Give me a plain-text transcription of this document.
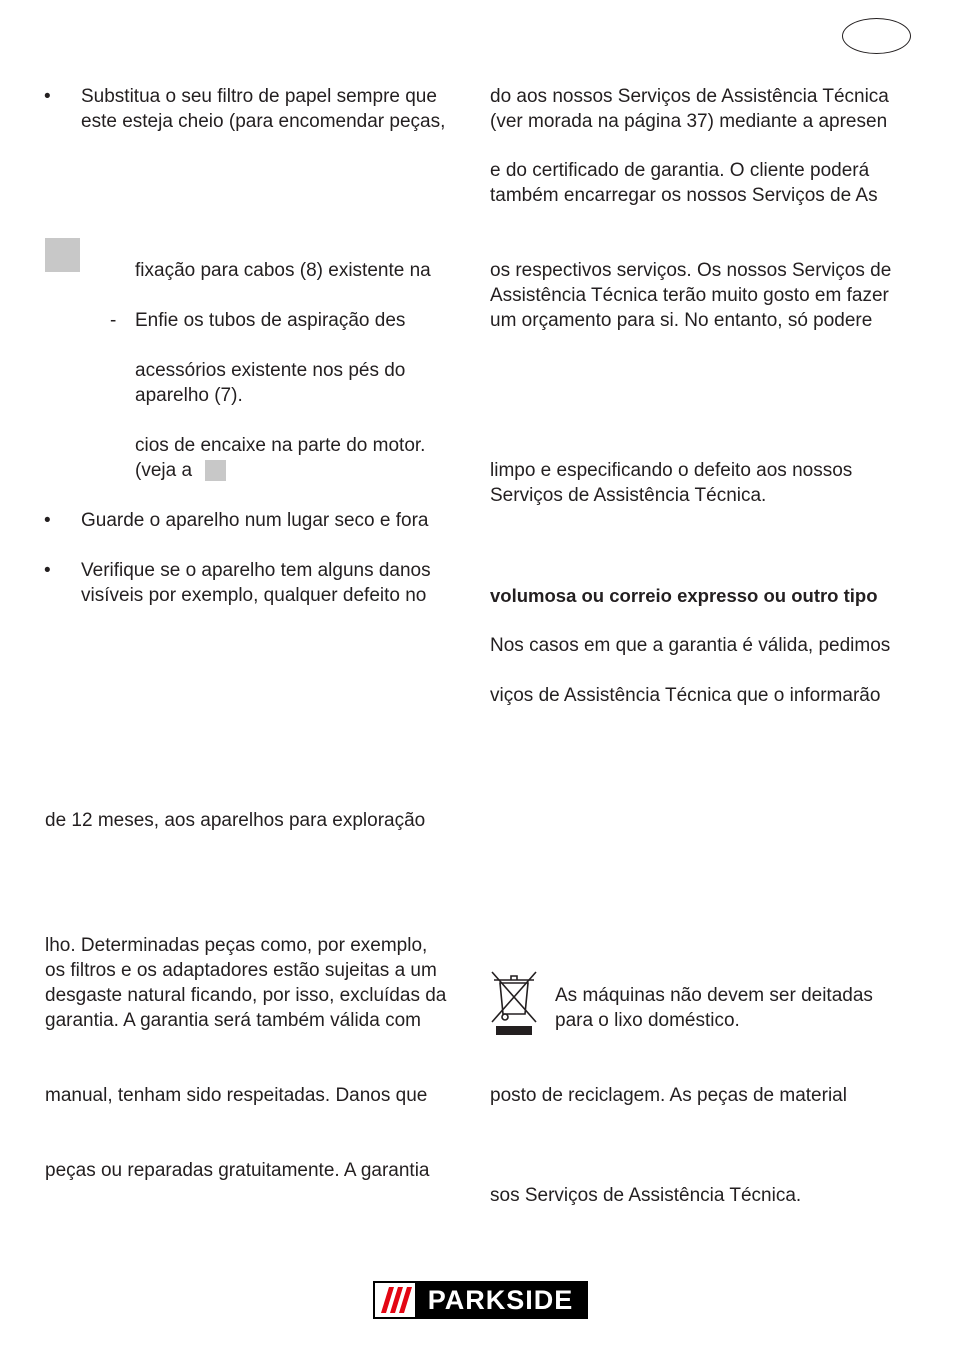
• Substitua o seu filtro de papel sempre que
este esteja cheio (para encomendar peças,
fixação para cabos (8) existente na
- Enfie os tubos de aspiração des
acessórios existente nos pés do
aparelho (7).
cios de encaixe na parte do motor.
(veja a
• Guarde o aparelho num lugar seco e fora
• Verifique se o aparelho tem alguns danos
visíveis por exemplo, qualquer defeito no
de 12 meses, aos aparelhos para exploração
lho. Determinadas peças como, por exemplo,
os filtros e os adaptadores estão sujeitas a um
desgaste natural ficando, por isso, excluídas da
garantia. A garantia será também válida com
manual, tenham sido respeitadas. Danos que
peças ou reparadas gratuitamente. A garantia
do aos nossos Serviços de Assistência Técnica
(ver morada na página 37) mediante a apresen
e do certificado de garantia. O cliente poderá
também encarregar os nossos Serviços de As
os respectivos serviços. Os nossos Serviços de
Assistência Técnica terão muito gosto em fazer
um orçamento para si. No entanto, só podere
limpo e especificando o defeito aos nossos
Serviços de Assistência Técnica.
volumosa ou correio expresso ou outro tipo
Nos casos em que a garantia é válida, pedimos
viços de Assistência Técnica que o informarão
As máquinas não devem ser deitadas
para o lixo doméstico.
posto de reciclagem. As peças de material
sos Serviços de Assistência Técnica.
PARKSIDE
